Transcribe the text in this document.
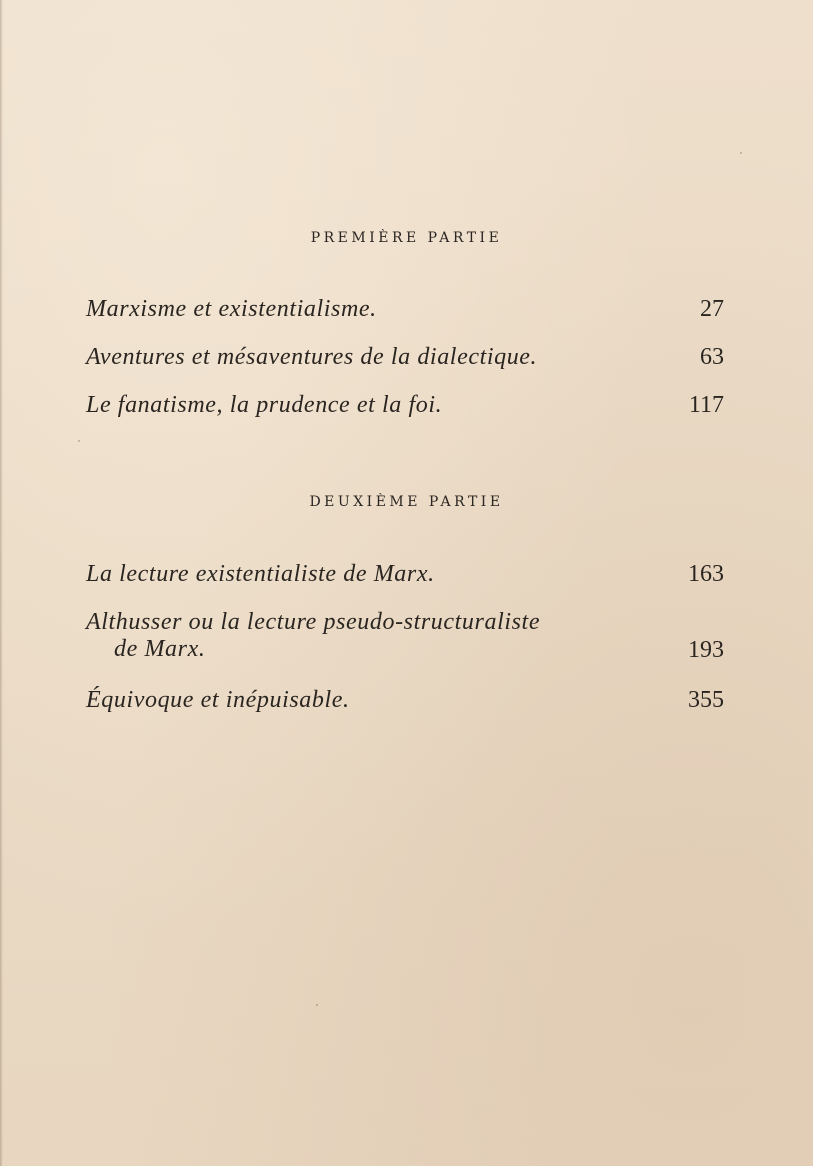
PREMIÈRE PARTIE
Marxisme et existentialisme.	27
Aventures et mésaventures de la dialectique.	63
Le fanatisme, la prudence et la foi.	117
DEUXIÈME PARTIE
La lecture existentialiste de Marx.	163
Althusser ou la lecture pseudo-structuraliste
de Marx.	193
Équivoque et inépuisable.	355
